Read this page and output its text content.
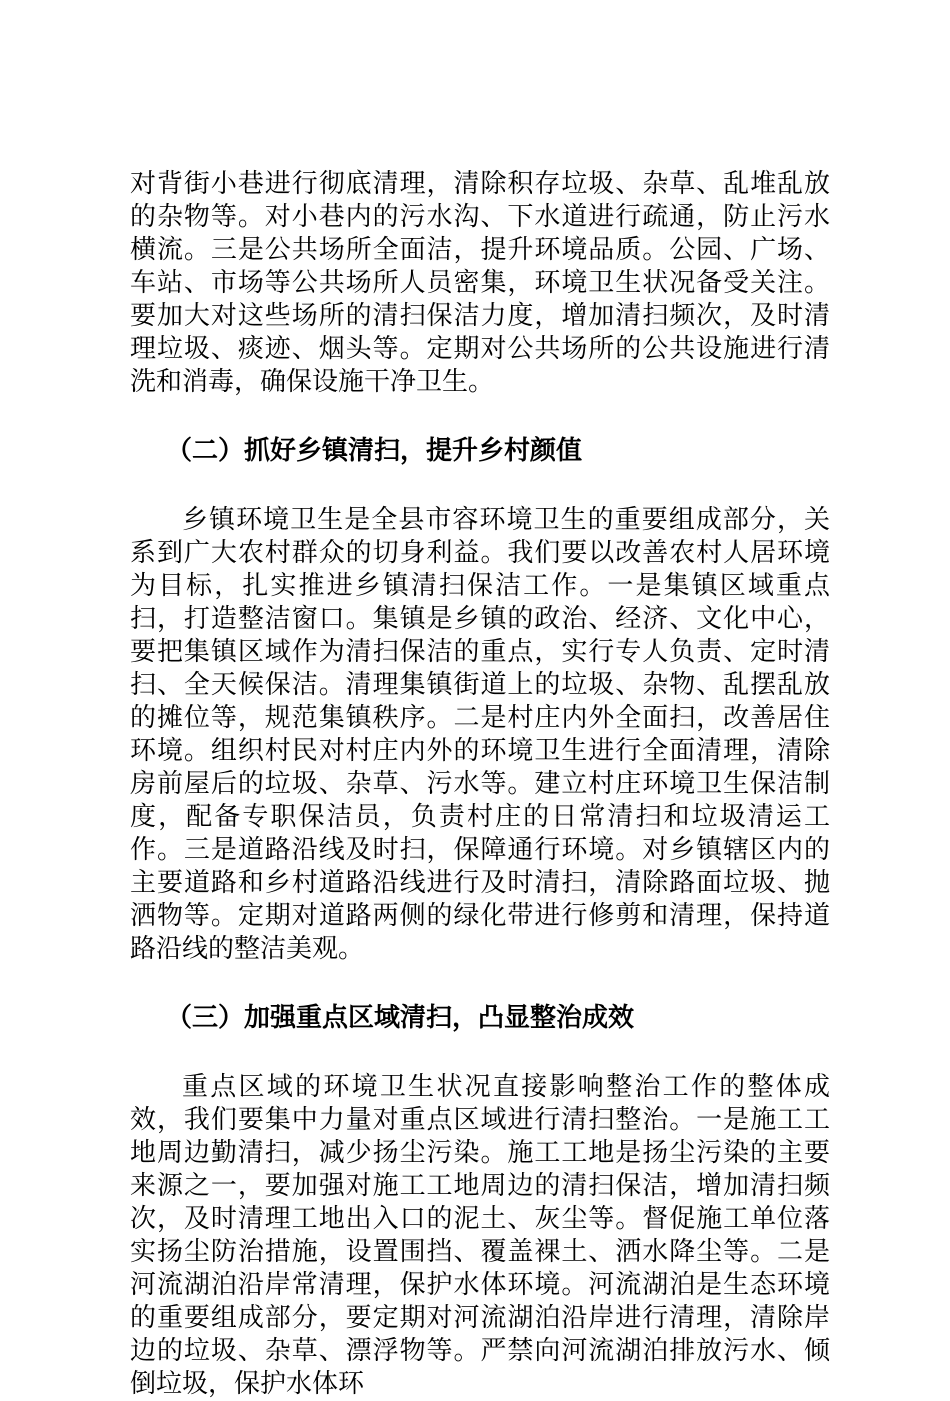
对背街小巷进行彻底清理，清除积存垃圾、杂草、乱堆乱放的杂物等。对小巷内的污水沟、下水道进行疏通，防止污水横流。三是公共场所全面洁，提升环境品质。公园、广场、车站、市场等公共场所人员密集，环境卫生状况备受关注。要加大对这些场所的清扫保洁力度，增加清扫频次，及时清理垃圾、痰迹、烟头等。定期对公共场所的公共设施进行清洗和消毒，确保设施干净卫生。

（二）抓好乡镇清扫，提升乡村颜值

乡镇环境卫生是全县市容环境卫生的重要组成部分，关系到广大农村群众的切身利益。我们要以改善农村人居环境为目标，扎实推进乡镇清扫保洁工作。一是集镇区域重点扫，打造整洁窗口。集镇是乡镇的政治、经济、文化中心，要把集镇区域作为清扫保洁的重点，实行专人负责、定时清扫、全天候保洁。清理集镇街道上的垃圾、杂物、乱摆乱放的摊位等，规范集镇秩序。二是村庄内外全面扫，改善居住环境。组织村民对村庄内外的环境卫生进行全面清理，清除房前屋后的垃圾、杂草、污水等。建立村庄环境卫生保洁制度，配备专职保洁员，负责村庄的日常清扫和垃圾清运工作。三是道路沿线及时扫，保障通行环境。对乡镇辖区内的主要道路和乡村道路沿线进行及时清扫，清除路面垃圾、抛洒物等。定期对道路两侧的绿化带进行修剪和清理，保持道路沿线的整洁美观。

（三）加强重点区域清扫，凸显整治成效

重点区域的环境卫生状况直接影响整治工作的整体成效，我们要集中力量对重点区域进行清扫整治。一是施工工地周边勤清扫，减少扬尘污染。施工工地是扬尘污染的主要来源之一，要加强对施工工地周边的清扫保洁，增加清扫频次，及时清理工地出入口的泥土、灰尘等。督促施工单位落实扬尘防治措施，设置围挡、覆盖裸土、洒水降尘等。二是河流湖泊沿岸常清理，保护水体环境。河流湖泊是生态环境的重要组成部分，要定期对河流湖泊沿岸进行清理，清除岸边的垃圾、杂草、漂浮物等。严禁向河流湖泊排放污水、倾倒垃圾，保护水体环
